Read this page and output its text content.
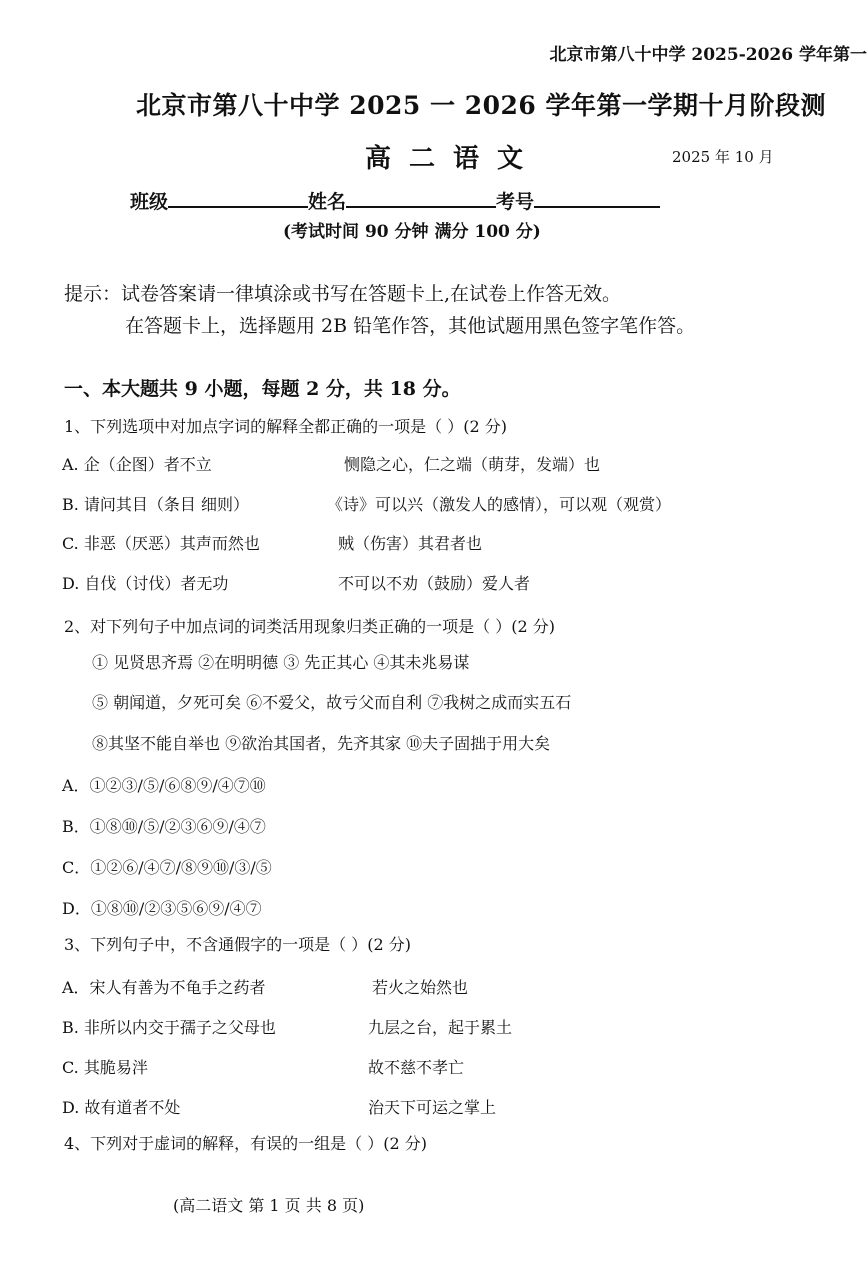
北京市第八十中学 2025-2026 学年第一
北京市第八十中学 2025 一 2026 学年第一学期十月阶段测
高二语文	2025 年 10 月
班级	姓名	考号
(考试时间 90 分钟 满分 100 分)
提示：试卷答案请一律填涂或书写在答题卡上,在试卷上作答无效。
在答题卡上，选择题用 2B 铅笔作答，其他试题用黑色签字笔作答。
一、本大题共 9 小题，每题 2 分，共 18 分。
1、下列选项中对加点字词的解释全都正确的一项是（ ）(2 分)
A. 企（企图）者不立	恻隐之心，仁之端（萌芽，发端）也
B. 请问其目（条目 细则）	《诗》可以兴（激发人的感情），可以观（观赏）
C. 非恶（厌恶）其声而然也	贼（伤害）其君者也
D. 自伐（讨伐）者无功	不可以不劝（鼓励）爱人者
2、对下列句子中加点词的词类活用现象归类正确的一项是（ ）(2 分)
① 见贤思齐焉 ②在明明德 ③ 先正其心 ④其未兆易谋
⑤ 朝闻道，夕死可矣 ⑥不爱父，故亏父而自利 ⑦我树之成而实五石
⑧其坚不能自举也 ⑨欲治其国者，先齐其家 ⑩夫子固拙于用大矣
A．①②③/⑤/⑥⑧⑨/④⑦⑩
B．①⑧⑩/⑤/②③⑥⑨/④⑦
C．①②⑥/④⑦/⑧⑨⑩/③/⑤
D．①⑧⑩/②③⑤⑥⑨/④⑦
3、下列句子中，不含通假字的一项是（ ）(2 分)
A．宋人有善为不龟手之药者	若火之始然也
B. 非所以内交于孺子之父母也	九层之台，起于累土
C. 其脆易泮	故不慈不孝亡
D. 故有道者不处	治天下可运之掌上
4、下列对于虚词的解释，有误的一组是（ ）(2 分)
(高二语文 第 1 页 共 8 页)
